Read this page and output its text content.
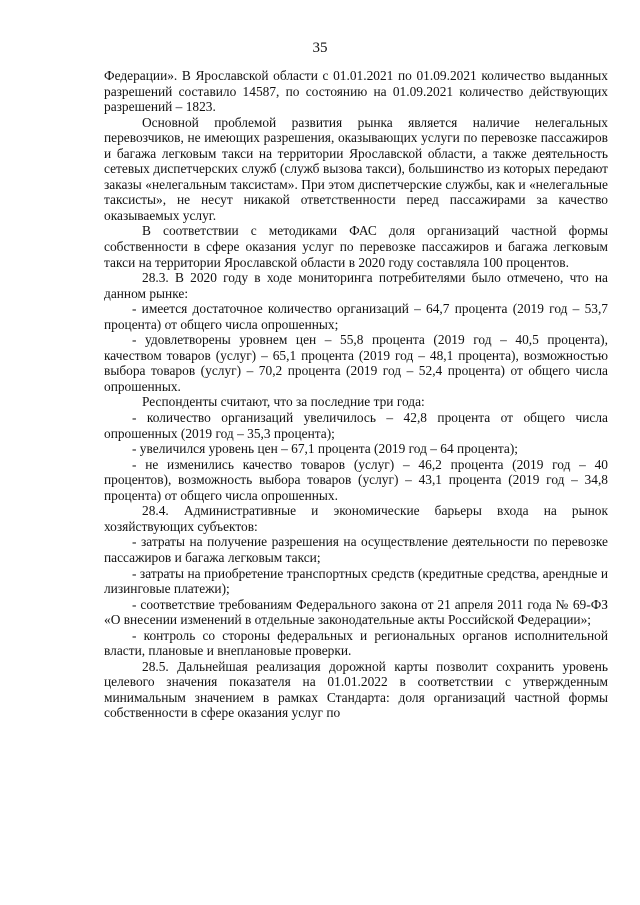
35

Федерации». В Ярославской области с 01.01.2021 по 01.09.2021 количество выданных разрешений составило 14587, по состоянию на 01.09.2021 количество действующих разрешений – 1823.

Основной проблемой развития рынка является наличие нелегальных перевозчиков, не имеющих разрешения, оказывающих услуги по перевозке пассажиров и багажа легковым такси на территории Ярославской области, а также деятельность сетевых диспетчерских служб (служб вызова такси), большинство из которых передают заказы «нелегальным таксистам». При этом диспетчерские службы, как и «нелегальные таксисты», не несут никакой ответственности перед пассажирами за качество оказываемых услуг.

В соответствии с методиками ФАС доля организаций частной формы собственности в сфере оказания услуг по перевозке пассажиров и багажа легковым такси на территории Ярославской области в 2020 году составляла 100 процентов.

28.3. В 2020 году в ходе мониторинга потребителями было отмечено, что на данном рынке:

- имеется достаточное количество организаций – 64,7 процента (2019 год – 53,7 процента) от общего числа опрошенных;

- удовлетворены уровнем цен – 55,8 процента (2019 год – 40,5 процента), качеством товаров (услуг) – 65,1 процента (2019 год – 48,1 процента), возможностью выбора товаров (услуг) – 70,2 процента (2019 год – 52,4 процента) от общего числа опрошенных.

Респонденты считают, что за последние три года:

- количество организаций увеличилось – 42,8 процента от общего числа опрошенных (2019 год – 35,3 процента);

- увеличился уровень цен – 67,1 процента (2019 год – 64 процента);

- не изменились качество товаров (услуг) – 46,2 процента (2019 год – 40 процентов), возможность выбора товаров (услуг) – 43,1 процента (2019 год – 34,8 процента) от общего числа опрошенных.

28.4. Административные и экономические барьеры входа на рынок хозяйствующих субъектов:

- затраты на получение разрешения на осуществление деятельности по перевозке пассажиров и багажа легковым такси;

- затраты на приобретение транспортных средств (кредитные средства, арендные и лизинговые платежи);

- соответствие требованиям Федерального закона от 21 апреля 2011 года № 69-ФЗ «О внесении изменений в отдельные законодательные акты Российской Федерации»;

- контроль со стороны федеральных и региональных органов исполнительной власти, плановые и внеплановые проверки.

28.5. Дальнейшая реализация дорожной карты позволит сохранить уровень целевого значения показателя на 01.01.2022 в соответствии с утвержденным минимальным значением в рамках Стандарта: доля организаций частной формы собственности в сфере оказания услуг по
